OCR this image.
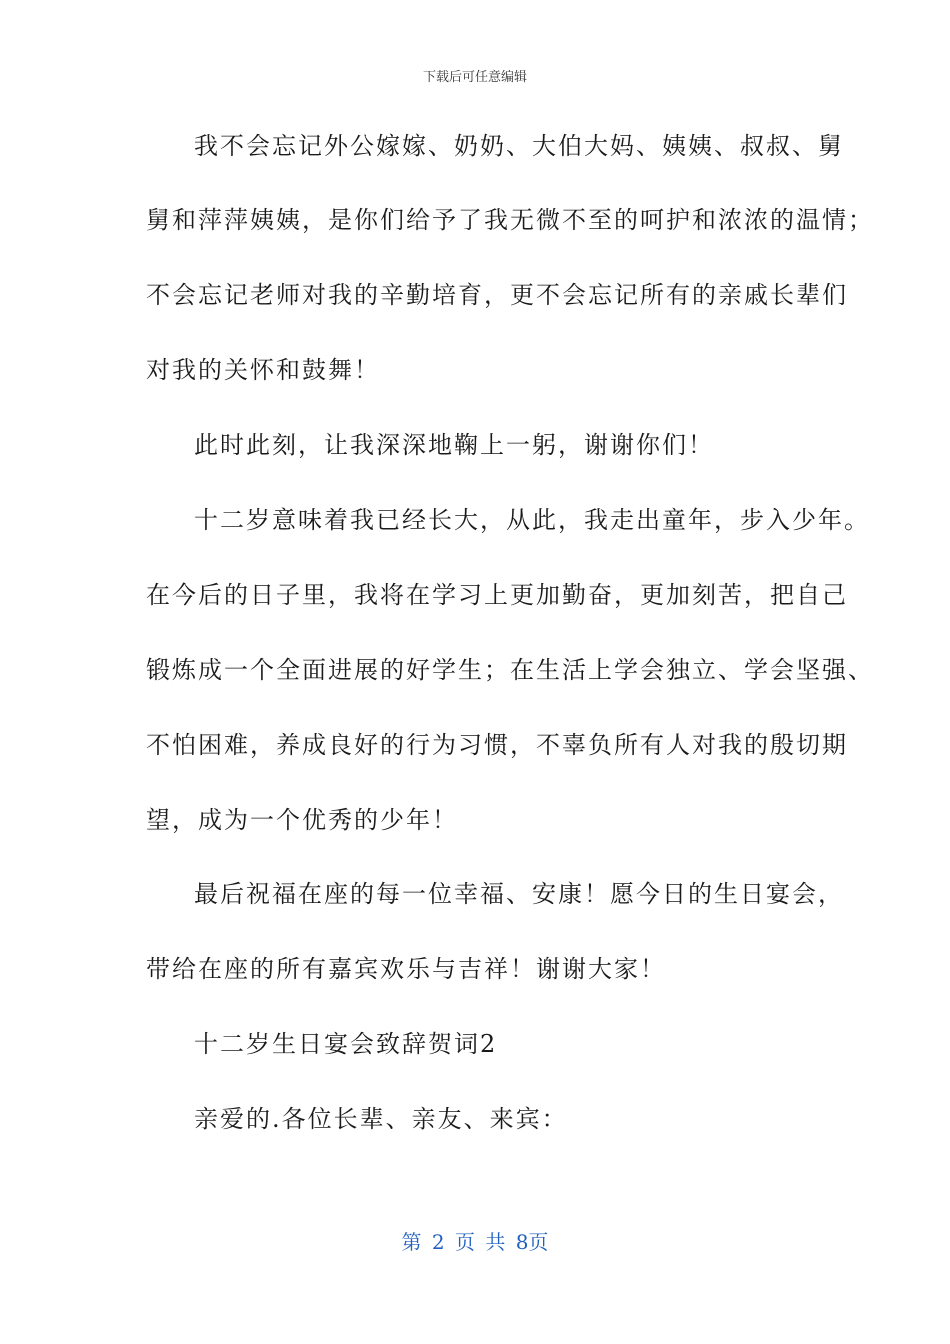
下载后可任意编辑
我不会忘记外公嫁嫁、奶奶、大伯大妈、姨姨、叔叔、舅
舅和萍萍姨姨，是你们给予了我无微不至的呵护和浓浓的温情；
不会忘记老师对我的辛勤培育，更不会忘记所有的亲戚长辈们
对我的关怀和鼓舞！
此时此刻，让我深深地鞠上一躬，谢谢你们！
十二岁意味着我已经长大，从此，我走出童年，步入少年。
在今后的日子里，我将在学习上更加勤奋，更加刻苦，把自己
锻炼成一个全面进展的好学生；在生活上学会独立、学会坚强、
不怕困难，养成良好的行为习惯，不辜负所有人对我的殷切期
望，成为一个优秀的少年！
最后祝福在座的每一位幸福、安康！愿今日的生日宴会，
带给在座的所有嘉宾欢乐与吉祥！谢谢大家！
十二岁生日宴会致辞贺词2
亲爱的.各位长辈、亲友、来宾：
第 2 页 共 8页
